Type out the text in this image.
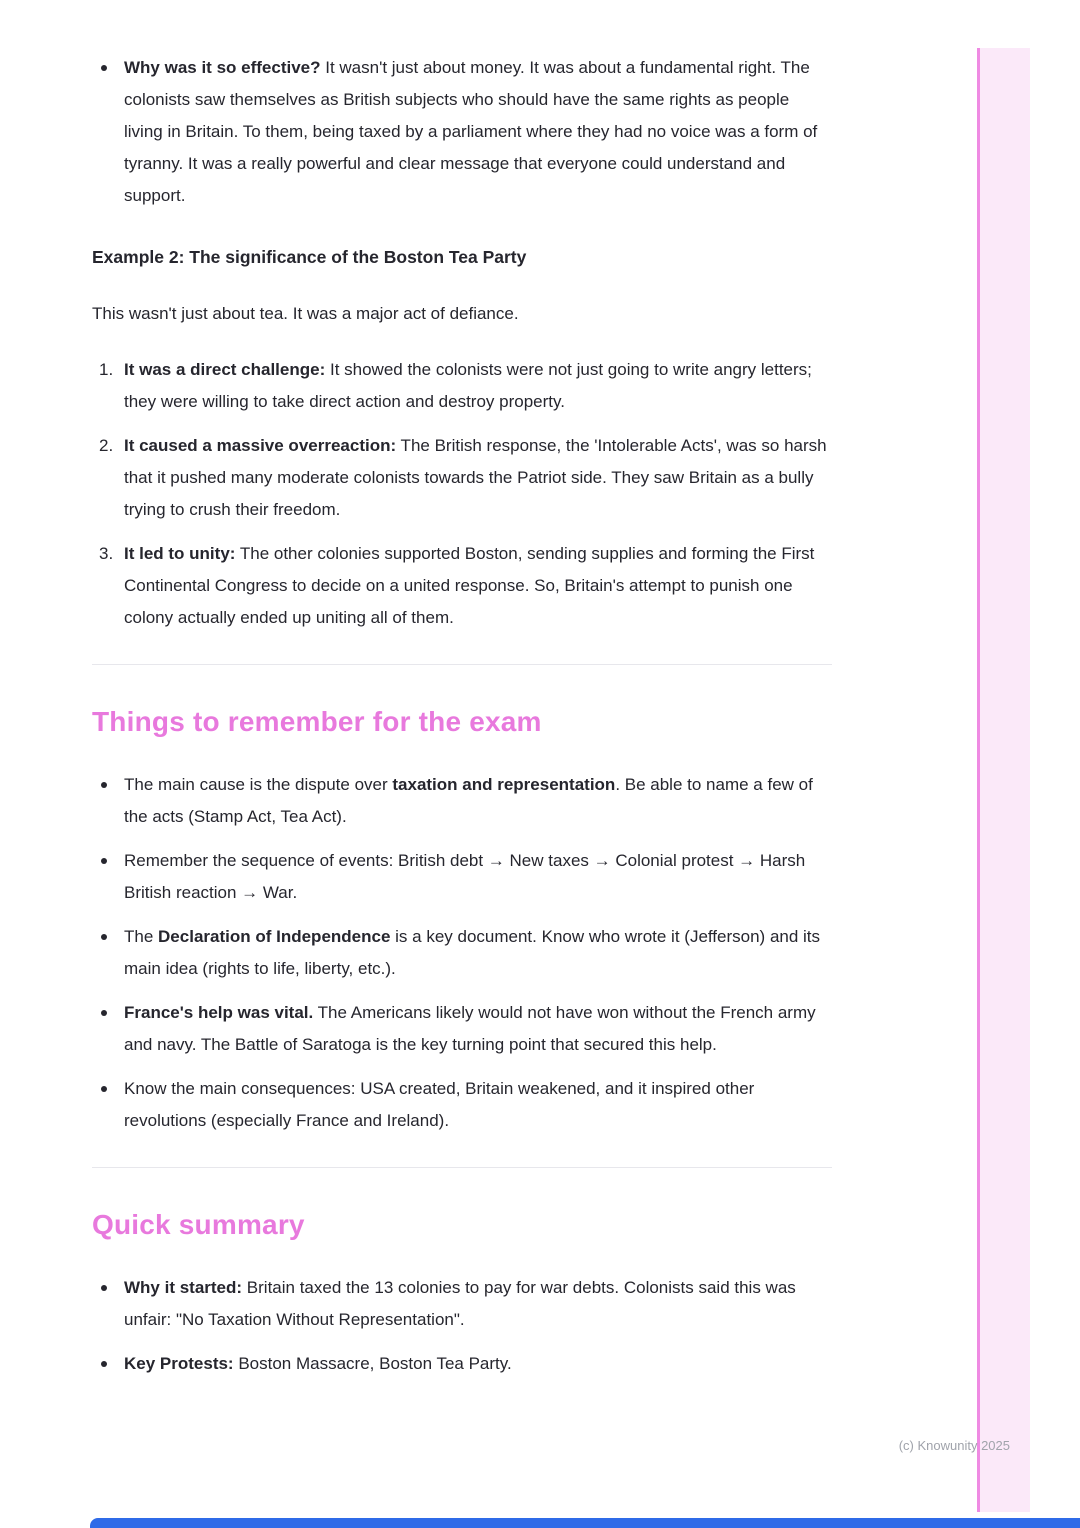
Why was it so effective? It wasn't just about money. It was about a fundamental right. The colonists saw themselves as British subjects who should have the same rights as people living in Britain. To them, being taxed by a parliament where they had no voice was a form of tyranny. It was a really powerful and clear message that everyone could understand and support.
Example 2: The significance of the Boston Tea Party

This wasn't just about tea. It was a major act of defiance.

It was a direct challenge: It showed the colonists were not just going to write angry letters; they were willing to take direct action and destroy property.
It caused a massive overreaction: The British response, the 'Intolerable Acts', was so harsh that it pushed many moderate colonists towards the Patriot side. They saw Britain as a bully trying to crush their freedom.
It led to unity: The other colonies supported Boston, sending supplies and forming the First Continental Congress to decide on a united response. So, Britain's attempt to punish one colony actually ended up uniting all of them.
Things to remember for the exam
The main cause is the dispute over taxation and representation. Be able to name a few of the acts (Stamp Act, Tea Act).
Remember the sequence of events: British debt → New taxes → Colonial protest → Harsh British reaction → War.
The Declaration of Independence is a key document. Know who wrote it (Jefferson) and its main idea (rights to life, liberty, etc.).
France's help was vital. The Americans likely would not have won without the French army and navy. The Battle of Saratoga is the key turning point that secured this help.
Know the main consequences: USA created, Britain weakened, and it inspired other revolutions (especially France and Ireland).
Quick summary
Why it started: Britain taxed the 13 colonies to pay for war debts. Colonists said this was unfair: "No Taxation Without Representation".
Key Protests: Boston Massacre, Boston Tea Party.
(c) Knowunity 2025
